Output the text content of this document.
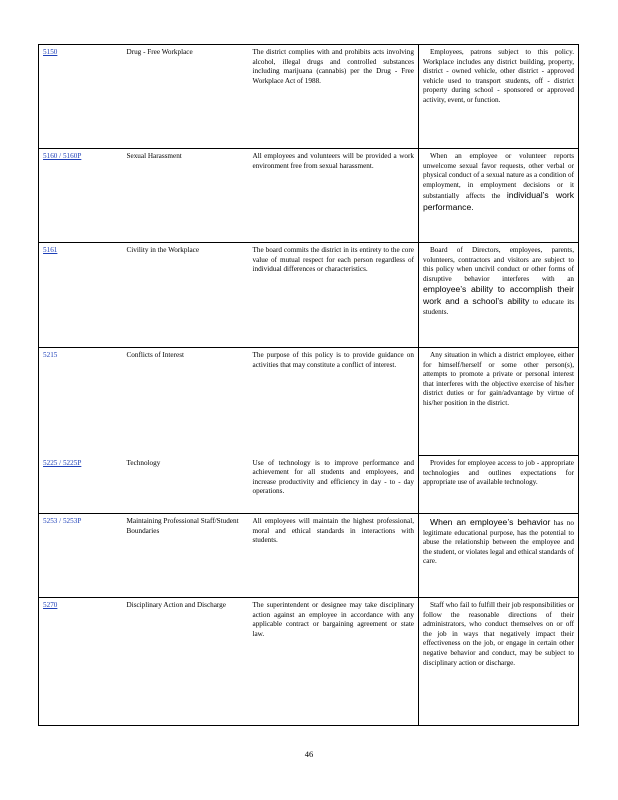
5150	Drug - Free Workplace	The district complies with and prohibits acts involving alcohol, illegal drugs and controlled substances including marijuana (cannabis) per the Drug - Free Workplace Act of 1988.	Employees, patrons subject to this policy. Workplace includes any district building, property, district - owned vehicle, other district - approved vehicle used to transport students, off - district property during school - sponsored or approved activity, event, or function.
5160 / 5160P	Sexual Harassment	All employees and volunteers will be provided a work environment free from sexual harassment.	When an employee or volunteer reports unwelcome sexual favor requests, other verbal or physical conduct of a sexual nature as a condition of employment, in employment decisions or it substantially affects the individual’s work performance.
5161	Civility in the Workplace	The board commits the district in its entirety to the core value of mutual respect for each person regardless of individual differences or characteristics.	Board of Directors, employees, parents, volunteers, contractors and visitors are subject to this policy when uncivil conduct or other forms of disruptive behavior interferes with an employee’s ability to accomplish their work and a school’s ability to educate its students.
5215	Conflicts of Interest	The purpose of this policy is to provide guidance on activities that may constitute a conflict of interest.	Any situation in which a district employee, either for himself/herself or some other person(s), attempts to promote a private or personal interest that interferes with the objective exercise of his/her district duties or for gain/advantage by virtue of his/her position in the district.
5225 / 5225P	Technology	Use of technology is to improve performance and achievement for all students and employees, and increase productivity and efficiency in day - to - day operations.	Provides for employee access to job - appropriate technologies and outlines expectations for appropriate use of available technology.
5253 / 5253P	Maintaining Professional Staff/Student Boundaries	All employees will maintain the highest professional, moral and ethical standards in interactions with students.	When an employee’s behavior has no legitimate educational purpose, has the potential to abuse the relationship between the employee and the student, or violates legal and ethical standards of care.
5270	Disciplinary Action and Discharge	The superintendent or designee may take disciplinary action against an employee in accordance with any applicable contract or bargaining agreement or state law.	Staff who fail to fulfill their job responsibilities or follow the reasonable directions of their administrators, who conduct themselves on or off the job in ways that negatively impact their effectiveness on the job, or engage in certain other negative behavior and conduct, may be subject to disciplinary action or discharge.
46
